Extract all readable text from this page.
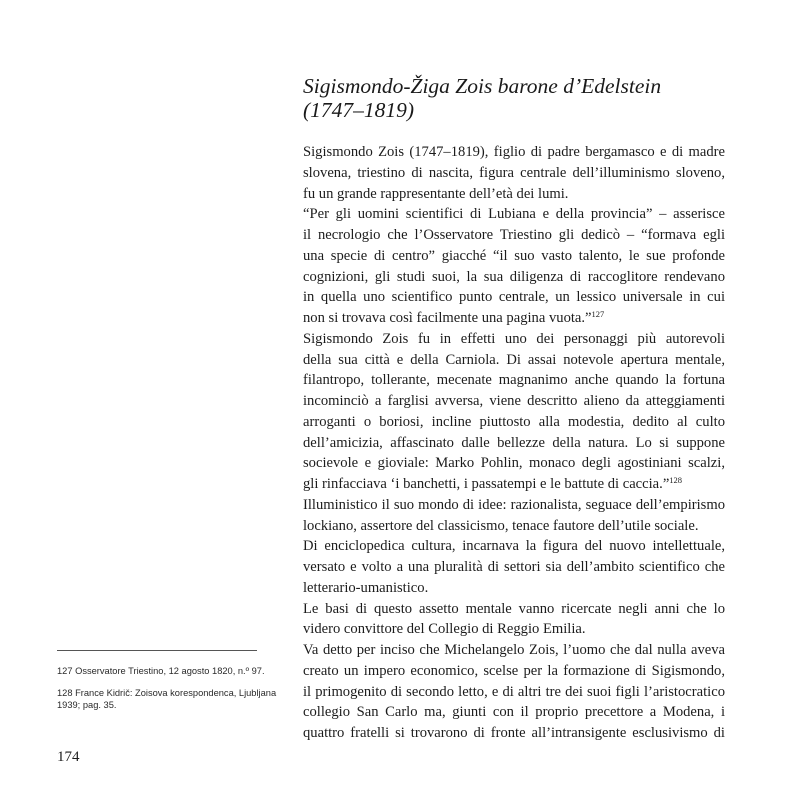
Sigismondo-Žiga Zois barone d’Edelstein
(1747–1819)

Sigismondo Zois (1747–1819), figlio di padre bergamasco e di madre
slovena, triestino di nascita, figura centrale dell’illuminismo sloveno,
fu un grande rappresentante dell’età dei lumi.

“Per gli uomini scientifici di Lubiana e della provincia” – asserisce
il necrologio che l’Osservatore Triestino gli dedicò – “formava egli
una specie di centro” giacché “il suo vasto talento, le sue profonde
cognizioni, gli studi suoi, la sua diligenza di raccoglitore rendevano
in quella uno scientifico punto centrale, un lessico universale in cui
non si trovava così facilmente una pagina vuota.”$^{127}$

Sigismondo Zois fu in effetti uno dei personaggi più autorevoli
della sua città e della Carniola. Di assai notevole apertura mentale,
filantropo, tollerante, mecenate magnanimo anche quando la fortuna
incominciò a farglisi avversa, viene descritto alieno da atteggiamenti
arroganti o boriosi, incline piuttosto alla modestia, dedito al culto
dell’amicizia, affascinato dalle bellezze della natura. Lo si suppone
socievole e gioviale: Marko Pohlin, monaco degli agostiniani scalzi,
gli rinfacciava ‘i banchetti, i passatempi e le battute di caccia.”$^{128}$

Illuministico il suo mondo di idee: razionalista, seguace dell’empirismo
lockiano, assertore del classicismo, tenace fautore dell’utile sociale.

Di enciclopedica cultura, incarnava la figura del nuovo intellettuale,
versato e volto a una pluralità di settori sia dell’ambito scientifico che
letterario-umanistico.

Le basi di questo assetto mentale vanno ricercate negli anni che lo
videro convittore del Collegio di Reggio Emilia.

Va detto per inciso che Michelangelo Zois, l’uomo che dal nulla aveva
creato un impero economico, scelse per la formazione di Sigismondo,
il primogenito di secondo letto, e di altri tre dei suoi figli l’aristocratico
collegio San Carlo ma, giunti con il proprio precettore a Modena, i
quattro fratelli si trovarono di fronte all’intransigente esclusivismo di

127 Osservatore Triestino, 12 agosto 1820, n.º 97.
128 France Kidrič: Zoisova korespondenca, Ljubljana
1939; pag. 35.
174
